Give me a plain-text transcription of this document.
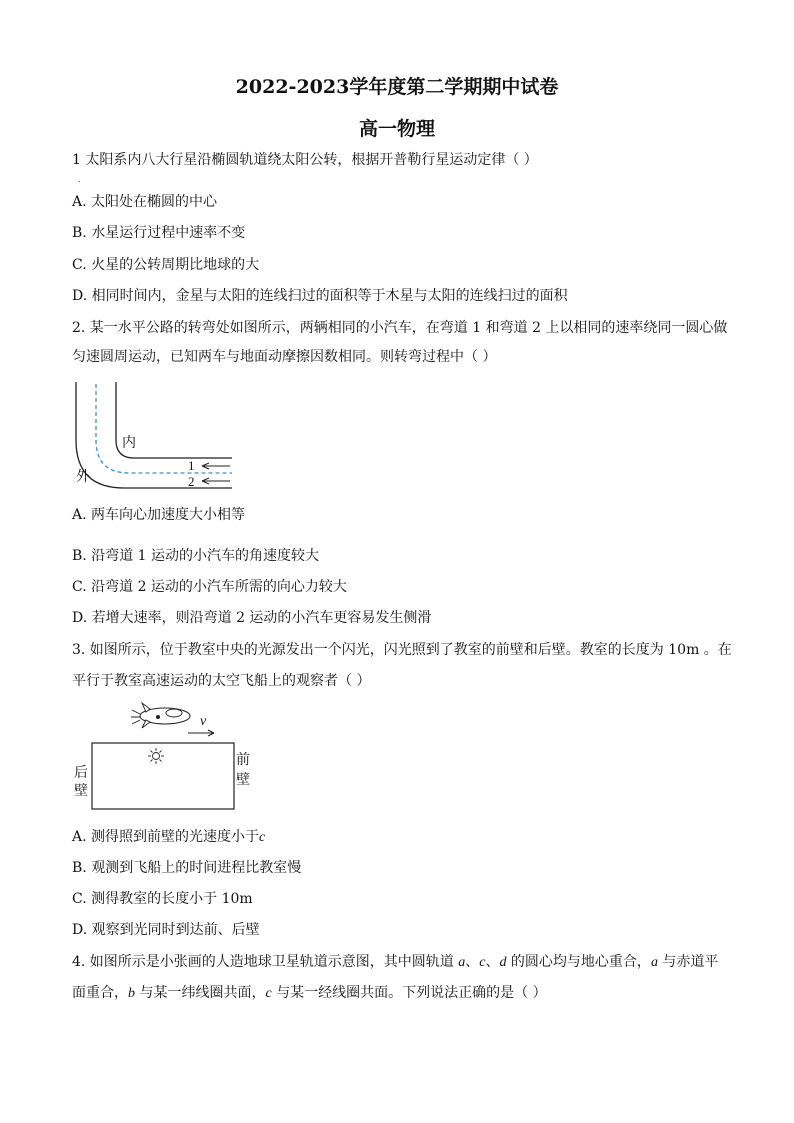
2022-2023学年度第二学期期中试卷
高一物理
1 太阳系内八大行星沿椭圆轨道绕太阳公转，根据开普勒行星运动定律（ ）
.
A. 太阳处在椭圆的中心
B. 水星运行过程中速率不变
C. 火星的公转周期比地球的大
D. 相同时间内，金星与太阳的连线扫过的面积等于木星与太阳的连线扫过的面积
2. 某一水平公路的转弯处如图所示，两辆相同的小汽车，在弯道 1 和弯道 2 上以相同的速率绕同一圆心做
匀速圆周运动，已知两车与地面动摩擦因数相同。则转弯过程中（ ）
内
外
1
2
A. 两车向心加速度大小相等
B. 沿弯道 1 运动的小汽车的角速度较大
C. 沿弯道 2 运动的小汽车所需的向心力较大
D. 若增大速率，则沿弯道 2 运动的小汽车更容易发生侧滑
3. 如图所示，位于教室中央的光源发出一个闪光，闪光照到了教室的前壁和后壁。教室的长度为 10m 。在
平行于教室高速运动的太空飞船上的观察者（ ）
v
后
壁
前
壁
A. 测得照到前壁的光速度小于c
B. 观测到飞船上的时间进程比教室慢
C. 测得教室的长度小于 10m
D. 观察到光同时到达前、后壁
4. 如图所示是小张画的人造地球卫星轨道示意图，其中圆轨道 a、c、d 的圆心均与地心重合，a 与赤道平
面重合，b 与某一纬线圈共面，c 与某一经线圈共面。下列说法正确的是（ ）
